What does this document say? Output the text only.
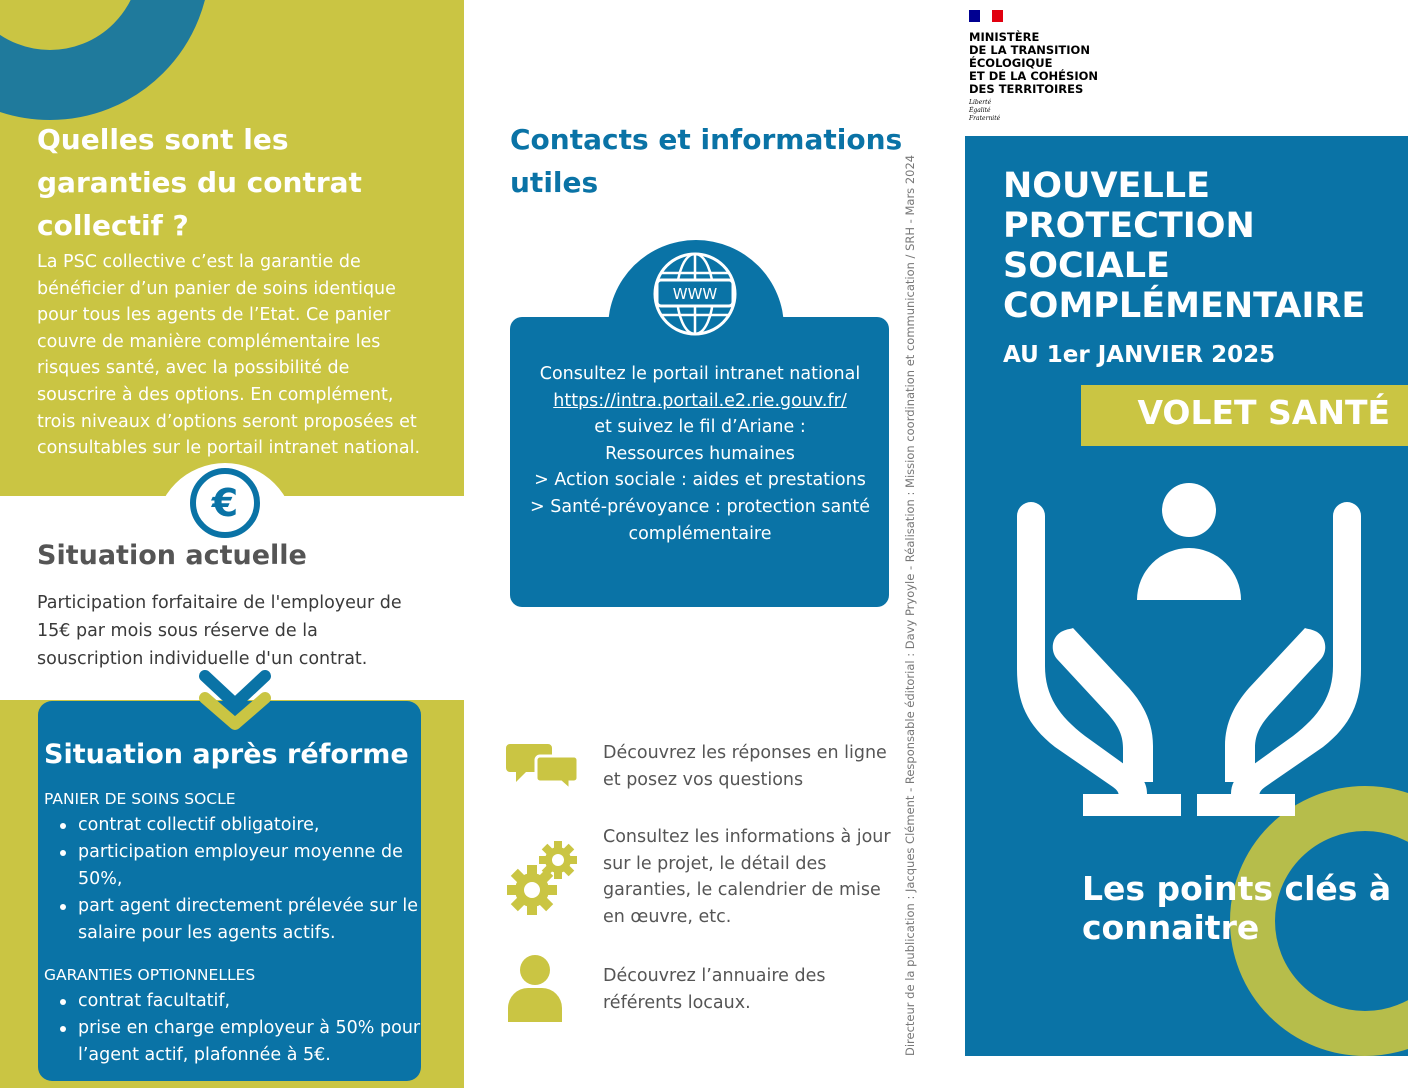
Quelles sont les garanties du contrat collectif ?
La PSC collective c’est la garantie de bénéficier d’un panier de soins identique pour tous les agents de l’Etat. Ce panier couvre de manière complémentaire les risques santé, avec la possibilité de souscrire à des options. En complément, trois niveaux d’options seront proposées et consultables sur le portail intranet national.
€
Situation actuelle
Participation forfaitaire de l'employeur de 15€ par mois sous réserve de la souscription individuelle d'un contrat.
Situation après réforme
PANIER DE SOINS SOCLE
contrat collectif obligatoire,
participation employeur moyenne de 50%,
part agent directement prélevée sur le salaire pour les agents actifs.
GARANTIES OPTIONNELLES
contrat facultatif,
prise en charge employeur à 50% pour l’agent actif, plafonnée à 5€.
Contacts et informations utiles
WWW
Consultez le portail intranet national
https://intra.portail.e2.rie.gouv.fr/
et suivez le fil d’Ariane :
Ressources humaines
> Action sociale : aides et prestations
> Santé-prévoyance : protection santé complémentaire
Découvrez les réponses en ligne et posez vos questions
Consultez les informations à jour sur le projet, le détail des garanties, le calendrier de mise en œuvre, etc.
Découvrez l’annuaire des référents locaux.	Directeur de la publication : Jacques Clément - Responsable éditorial : Davy Pryoyle - Réalisation : Mission coordination et communication / SRH - Mars 2024
MINISTÈRE
DE LA TRANSITION
ÉCOLOGIQUE
ET DE LA COHÉSION
DES TERRITOIRES
Liberté
Égalité
Fraternité
NOUVELLE PROTECTION SOCIALE COMPLÉMENTAIRE
AU 1er JANVIER 2025
VOLET SANTÉ
Les points clés à connaitre
